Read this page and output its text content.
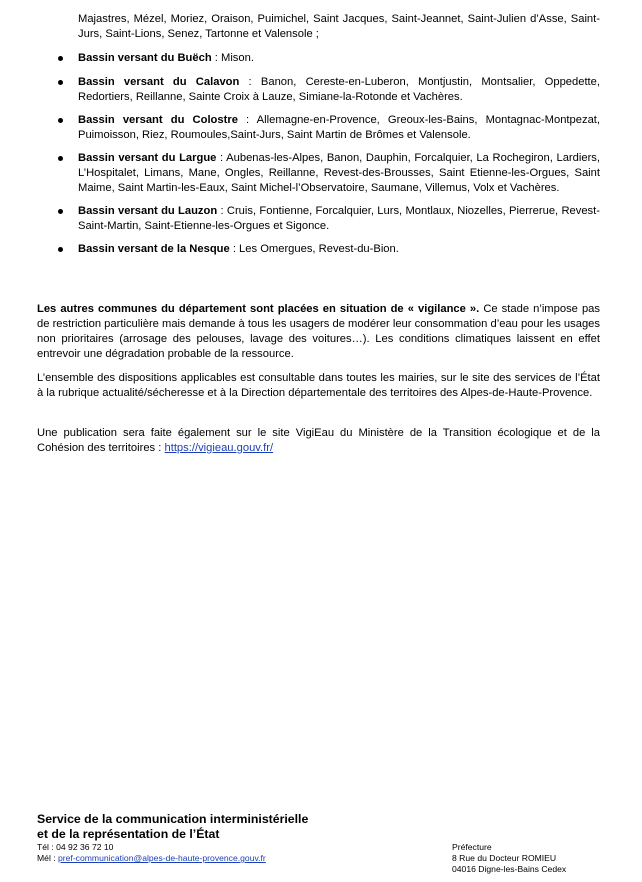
Majastres, Mézel, Moriez, Oraison, Puimichel, Saint Jacques, Saint-Jeannet, Saint-Julien d’Asse, Saint-Jurs, Saint-Lions, Senez, Tartonne et Valensole ;
Bassin versant du Buëch : Mison.
Bassin versant du Calavon : Banon, Cereste-en-Luberon, Montjustin, Montsalier, Oppedette, Redortiers, Reillanne, Sainte Croix à Lauze, Simiane-la-Rotonde et Vachères.
Bassin versant du Colostre : Allemagne-en-Provence, Greoux-les-Bains, Montagnac-Montpezat, Puimoisson, Riez, Roumoules,Saint-Jurs, Saint Martin de Brômes et Valensole.
Bassin versant du Largue : Aubenas-les-Alpes, Banon, Dauphin, Forcalquier, La Rochegiron, Lardiers, L’Hospitalet, Limans, Mane, Ongles, Reillanne, Revest-des-Brousses, Saint Etienne-les-Orgues, Saint Maime, Saint Martin-les-Eaux, Saint Michel-l’Observatoire, Saumane, Villemus, Volx et Vachères.
Bassin versant du Lauzon : Cruis, Fontienne, Forcalquier, Lurs, Montlaux, Niozelles, Pierrerue, Revest-Saint-Martin, Saint-Etienne-les-Orgues et Sigonce.
Bassin versant de la Nesque : Les Omergues, Revest-du-Bion.
Les autres communes du département sont placées en situation de « vigilance ». Ce stade n’impose pas de restriction particulière mais demande à tous les usagers de modérer leur consommation d’eau pour les usages non prioritaires (arrosage des pelouses, lavage des voitures…). Les conditions climatiques laissent en effet entrevoir une dégradation probable de la ressource.
L’ensemble des dispositions applicables est consultable dans toutes les mairies, sur le site des services de l’État à la rubrique actualité/sécheresse et à la Direction départementale des territoires des Alpes-de-Haute-Provence.
Une publication sera faite également sur le site VigiEau du Ministère de la Transition écologique et de la Cohésion des territoires : https://vigieau.gouv.fr/
Service de la communication interministérielle
et de la représentation de l’État
Tél : 04 92 36 72 10
Mél : pref-communication@alpes-de-haute-provence.gouv.fr
Préfecture
8 Rue du Docteur ROMIEU
04016 Digne-les-Bains Cedex
